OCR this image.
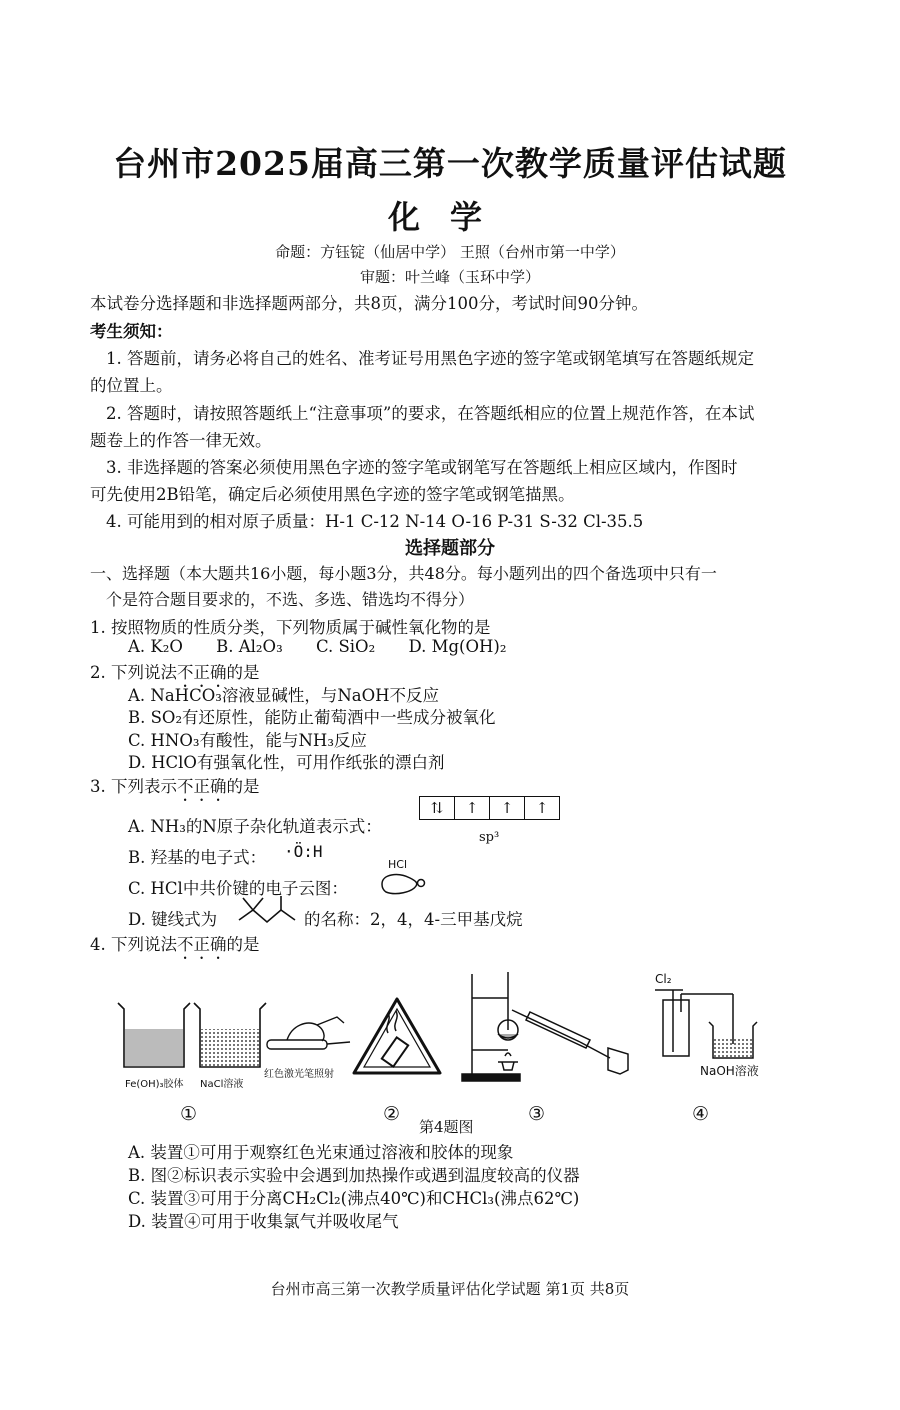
台州市2025届高三第一次教学质量评估试题
化学
命题：方钰锭（仙居中学） 王照（台州市第一中学）
审题：叶兰峰（玉环中学）
本试卷分选择题和非选择题两部分，共8页，满分100分，考试时间90分钟。
考生须知：
1. 答题前，请务必将自己的姓名、准考证号用黑色字迹的签字笔或钢笔填写在答题纸规定
的位置上。
2. 答题时，请按照答题纸上“注意事项”的要求，在答题纸相应的位置上规范作答，在本试
题卷上的作答一律无效。
3. 非选择题的答案必须使用黑色字迹的签字笔或钢笔写在答题纸上相应区域内，作图时
可先使用2B铅笔，确定后必须使用黑色字迹的签字笔或钢笔描黑。
4. 可能用到的相对原子质量：H-1 C-12 N-14 O-16 P-31 S-32 Cl-35.5
选择题部分
一、选择题（本大题共16小题，每小题3分，共48分。每小题列出的四个备选项中只有一
个是符合题目要求的，不选、多选、错选均不得分）
1. 按照物质的性质分类，下列物质属于碱性氧化物的是
A. K₂O B. Al₂O₃ C. SiO₂ D. Mg(OH)₂
2. 下列说法不正确的是
A. NaHCO₃溶液显碱性，与NaOH不反应
B. SO₂有还原性，能防止葡萄酒中一些成分被氧化
C. HNO₃有酸性，能与NH₃反应
D. HClO有强氧化性，可用作纸张的漂白剂
3. 下列表示不正确的是
A. NH₃的N原子杂化轨道表示式：
⇅	↑	↑	↑
sp³
B. 羟基的电子式： ·Ö:H
C. HCl中共价键的电子云图：
HCl
D. 键线式为	的名称：2，4，4-三甲基戊烷
4. 下列说法不正确的是
Fe(OH)₃胶体 NaCl溶液
红色激光笔照射
Cl₂
NaOH溶液
①	②
第4题图
③	④
A. 装置①可用于观察红色光束通过溶液和胶体的现象
B. 图②标识表示实验中会遇到加热操作或遇到温度较高的仪器
C. 装置③可用于分离CH₂Cl₂(沸点40℃)和CHCl₃(沸点62℃)
D. 装置④可用于收集氯气并吸收尾气
台州市高三第一次教学质量评估化学试题 第1页 共8页
